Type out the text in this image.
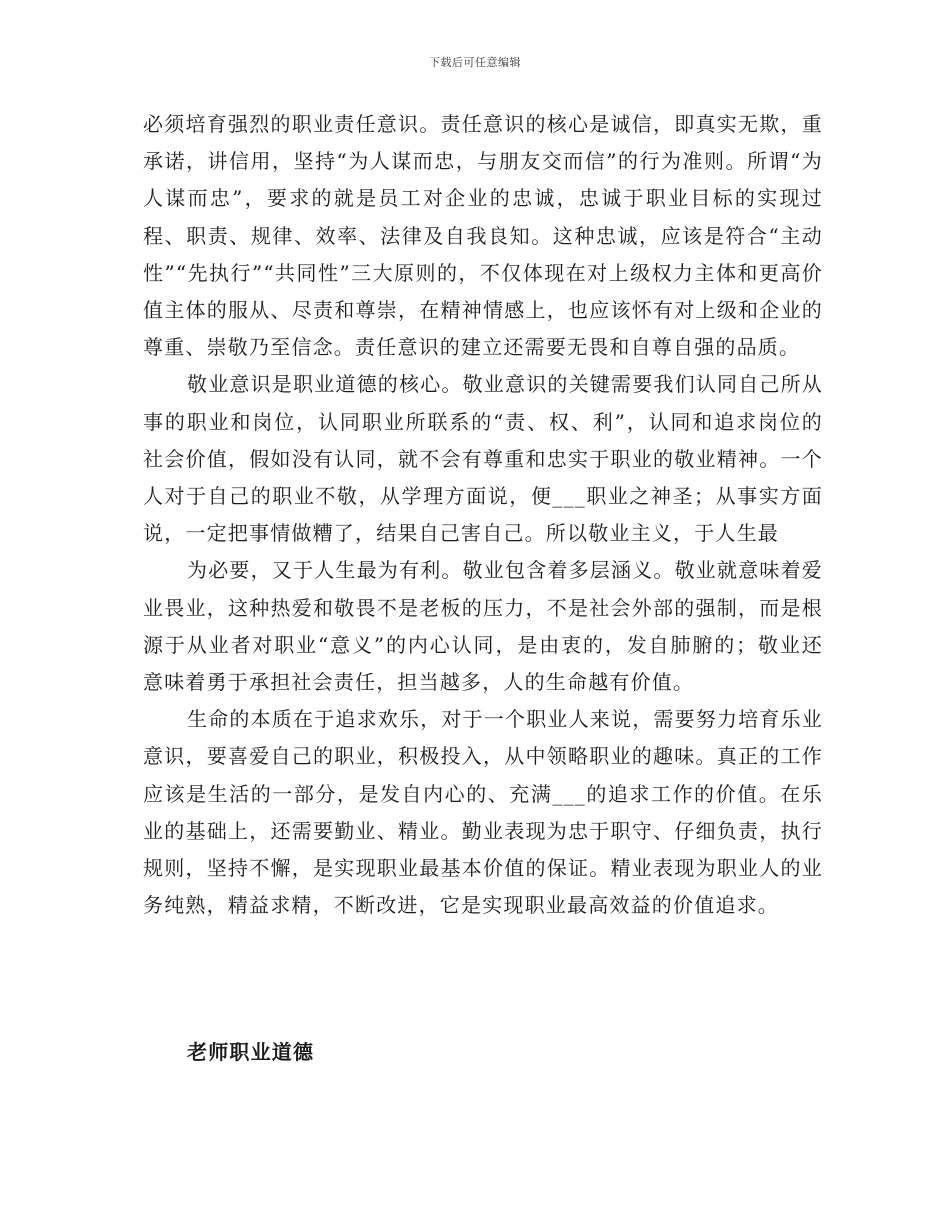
下载后可任意编辑

必须培育强烈的职业责任意识。责任意识的核心是诚信，即真实无欺，重承诺，讲信用，坚持“为人谋而忠，与朋友交而信”的行为准则。所谓“为人谋而忠”，要求的就是员工对企业的忠诚，忠诚于职业目标的实现过程、职责、规律、效率、法律及自我良知。这种忠诚，应该是符合“主动性”“先执行”“共同性”三大原则的，不仅体现在对上级权力主体和更高价值主体的服从、尽责和尊崇，在精神情感上，也应该怀有对上级和企业的尊重、崇敬乃至信念。责任意识的建立还需要无畏和自尊自强的品质。

敬业意识是职业道德的核心。敬业意识的关键需要我们认同自己所从事的职业和岗位，认同职业所联系的“责、权、利”，认同和追求岗位的社会价值，假如没有认同，就不会有尊重和忠实于职业的敬业精神。一个人对于自己的职业不敬，从学理方面说，便___职业之神圣；从事实方面说，一定把事情做糟了，结果自己害自己。所以敬业主义，于人生最

为必要，又于人生最为有利。敬业包含着多层涵义。敬业就意味着爱业畏业，这种热爱和敬畏不是老板的压力，不是社会外部的强制，而是根源于从业者对职业“意义”的内心认同，是由衷的，发自肺腑的；敬业还意味着勇于承担社会责任，担当越多，人的生命越有价值。

生命的本质在于追求欢乐，对于一个职业人来说，需要努力培育乐业意识，要喜爱自己的职业，积极投入，从中领略职业的趣味。真正的工作应该是生活的一部分，是发自内心的、充满___的追求工作的价值。在乐业的基础上，还需要勤业、精业。勤业表现为忠于职守、仔细负责，执行规则，坚持不懈，是实现职业最基本价值的保证。精业表现为职业人的业务纯熟，精益求精，不断改进，它是实现职业最高效益的价值追求。

老师职业道德
